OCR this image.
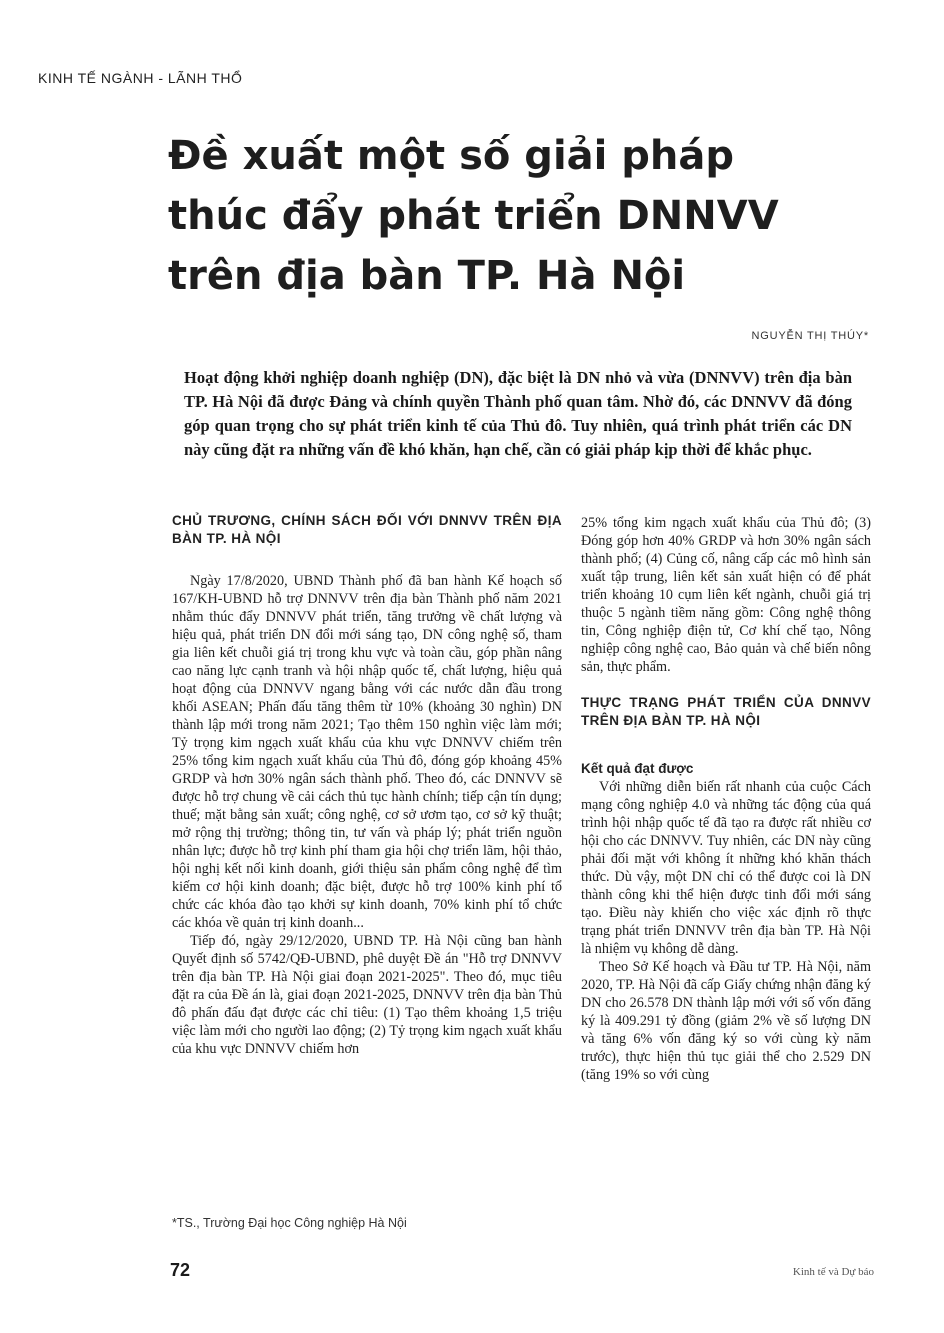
KINH TẾ NGÀNH - LÃNH THỔ
Đề xuất một số giải pháp
thúc đẩy phát triển DNNVV
trên địa bàn TP. Hà Nội
NGUYỄN THỊ THÚY*
Hoạt động khởi nghiệp doanh nghiệp (DN), đặc biệt là DN nhỏ và vừa (DNNVV) trên địa bàn TP. Hà Nội đã được Đảng và chính quyền Thành phố quan tâm. Nhờ đó, các DNNVV đã đóng góp quan trọng cho sự phát triển kinh tế của Thủ đô. Tuy nhiên, quá trình phát triển các DN này cũng đặt ra những vấn đề khó khăn, hạn chế, cần có giải pháp kịp thời để khắc phục.
CHỦ TRƯƠNG, CHÍNH SÁCH ĐỐI VỚI DNNVV TRÊN ĐỊA BÀN TP. HÀ NỘI

Ngày 17/8/2020, UBND Thành phố đã ban hành Kế hoạch số 167/KH-UBND hỗ trợ DNNVV trên địa bàn Thành phố năm 2021 nhằm thúc đẩy DNNVV phát triển, tăng trưởng về chất lượng và hiệu quả, phát triển DN đổi mới sáng tạo, DN công nghệ số, tham gia liên kết chuỗi giá trị trong khu vực và toàn cầu, góp phần nâng cao năng lực cạnh tranh và hội nhập quốc tế, chất lượng, hiệu quả hoạt động của DNNVV ngang bằng với các nước dẫn đầu trong khối ASEAN; Phấn đấu tăng thêm từ 10% (khoảng 30 nghìn) DN thành lập mới trong năm 2021; Tạo thêm 150 nghìn việc làm mới; Tỷ trọng kim ngạch xuất khẩu của khu vực DNNVV chiếm trên 25% tổng kim ngạch xuất khẩu của Thủ đô, đóng góp khoảng 45% GRDP và hơn 30% ngân sách thành phố. Theo đó, các DNNVV sẽ được hỗ trợ chung về cải cách thủ tục hành chính; tiếp cận tín dụng; thuế; mặt bằng sản xuất; công nghệ, cơ sở ươm tạo, cơ sở kỹ thuật; mở rộng thị trường; thông tin, tư vấn và pháp lý; phát triển nguồn nhân lực; được hỗ trợ kinh phí tham gia hội chợ triển lãm, hội thảo, hội nghị kết nối kinh doanh, giới thiệu sản phẩm công nghệ để tìm kiếm cơ hội kinh doanh; đặc biệt, được hỗ trợ 100% kinh phí tổ chức các khóa đào tạo khởi sự kinh doanh, 70% kinh phí tổ chức các khóa về quản trị kinh doanh...

Tiếp đó, ngày 29/12/2020, UBND TP. Hà Nội cũng ban hành Quyết định số 5742/QĐ-UBND, phê duyệt Đề án "Hỗ trợ DNNVV trên địa bàn TP. Hà Nội giai đoạn 2021-2025". Theo đó, mục tiêu đặt ra của Đề án là, giai đoạn 2021-2025, DNNVV trên địa bàn Thủ đô phấn đấu đạt được các chỉ tiêu: (1) Tạo thêm khoảng 1,5 triệu việc làm mới cho người lao động; (2) Tỷ trọng kim ngạch xuất khẩu của khu vực DNNVV chiếm hơn

25% tổng kim ngạch xuất khẩu của Thủ đô; (3) Đóng góp hơn 40% GRDP và hơn 30% ngân sách thành phố; (4) Củng cố, nâng cấp các mô hình sản xuất tập trung, liên kết sản xuất hiện có để phát triển khoảng 10 cụm liên kết ngành, chuỗi giá trị thuộc 5 ngành tiềm năng gồm: Công nghệ thông tin, Công nghiệp điện tử, Cơ khí chế tạo, Nông nghiệp công nghệ cao, Bảo quản và chế biến nông sản, thực phẩm.

THỰC TRẠNG PHÁT TRIỂN CỦA DNNVV TRÊN ĐỊA BÀN TP. HÀ NỘI
Kết quả đạt được

Với những diễn biến rất nhanh của cuộc Cách mạng công nghiệp 4.0 và những tác động của quá trình hội nhập quốc tế đã tạo ra được rất nhiều cơ hội cho các DNNVV. Tuy nhiên, các DN này cũng phải đối mặt với không ít những khó khăn thách thức. Dù vậy, một DN chỉ có thể được coi là DN thành công khi thể hiện được tinh đổi mới sáng tạo. Điều này khiến cho việc xác định rõ thực trạng phát triển DNNVV trên địa bàn TP. Hà Nội là nhiệm vụ không dễ dàng.

Theo Sở Kế hoạch và Đầu tư TP. Hà Nội, năm 2020, TP. Hà Nội đã cấp Giấy chứng nhận đăng ký DN cho 26.578 DN thành lập mới với số vốn đăng ký là 409.291 tỷ đồng (giảm 2% về số lượng DN và tăng 6% vốn đăng ký so với cùng kỳ năm trước), thực hiện thủ tục giải thể cho 2.529 DN (tăng 19% so với cùng

*TS., Trường Đại học Công nghiệp Hà Nội
72	Kinh tế và Dự báo
